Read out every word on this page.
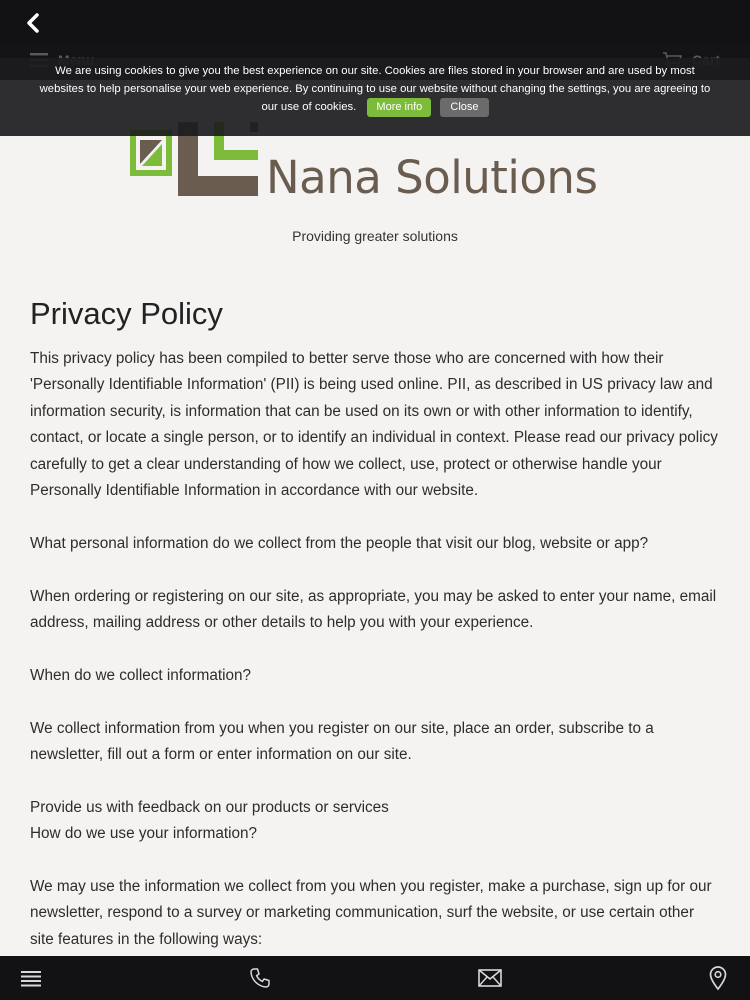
Nana Solutions
Providing greater solutions
We are using cookies to give you the best experience on our site. Cookies are files stored in your browser and are used by most websites to help personalise your web experience. By continuing to use our website without changing the settings, you are agreeing to our use of cookies. More info	Close
Privacy Policy

This privacy policy has been compiled to better serve those who are concerned with how their 'Personally Identifiable Information' (PII) is being used online. PII, as described in US privacy law and information security, is information that can be used on its own or with other information to identify, contact, or locate a single person, or to identify an individual in context. Please read our privacy policy carefully to get a clear understanding of how we collect, use, protect or otherwise handle your Personally Identifiable Information in accordance with our website.

What personal information do we collect from the people that visit our blog, website or app?

When ordering or registering on our site, as appropriate, you may be asked to enter your name, email address, mailing address or other details to help you with your experience.

When do we collect information?

We collect information from you when you register on our site, place an order, subscribe to a newsletter, fill out a form or enter information on our site.

Provide us with feedback on our products or services

How do we use your information?

We may use the information we collect from you when you register, make a purchase, sign up for our newsletter, respond to a survey or marketing communication, surf the website, or use certain other site features in the following ways:
